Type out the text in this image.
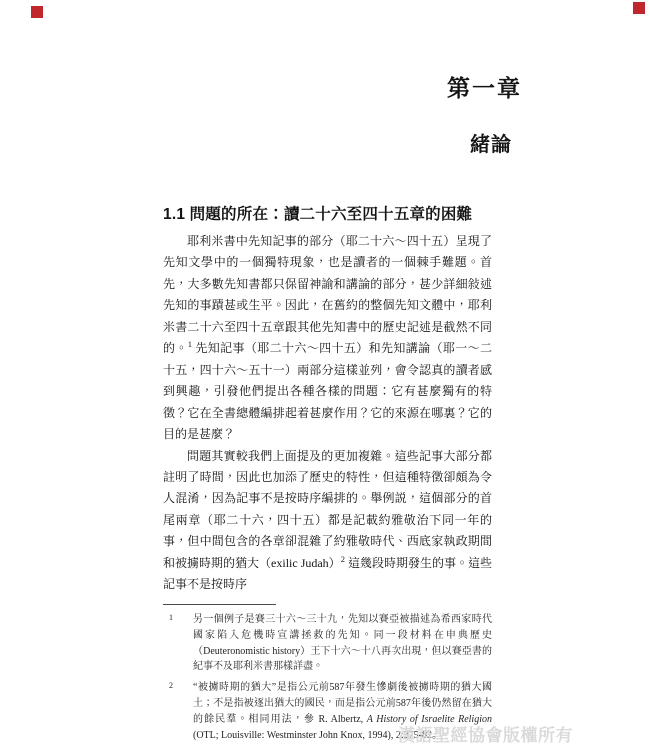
第一章
緒論
1.1 問題的所在：讀二十六至四十五章的困難

耶利米書中先知記事的部分（耶二十六～四十五）呈現了先知文學中的一個獨特現象，也是讀者的一個棘手難題。首先，大多數先知書都只保留神諭和講論的部分，甚少詳細敍述先知的事蹟甚或生平。因此，在舊約的整個先知文體中，耶利米書二十六至四十五章跟其他先知書中的歷史記述是截然不同的。$^1$ 先知記事（耶二十六～四十五）和先知講論（耶一～二十五，四十六～五十一）兩部分這樣並列，會令認真的讀者感到興趣，引發他們提出各種各樣的問題：它有甚麼獨有的特徵？它在全書總體編排起着甚麼作用？它的來源在哪裏？它的目的是甚麼？

問題其實較我們上面提及的更加複雜。這些記事大部分都註明了時間，因此也加添了歷史的特性，但這種特徵卻頗為令人混淆，因為記事不是按時序編排的。舉例説，這個部分的首尾兩章（耶二十六，四十五）都是記載約雅敬治下同一年的事，但中間包含的各章卻混雜了約雅敬時代、西底家執政期間和被擄時期的猶大（exilic Judah）$^2$ 這幾段時期發生的事。這些記事不是按時序

1	另一個例子是賽三十六～三十九，先知以賽亞被描述為希西家時代國家陷入危機時宣講拯救的先知。同一段材料在申典歷史（Deuteronomistic history）王下十六～十八再次出現，但以賽亞書的紀事不及耶利米書那樣詳盡。
2	“被擄時期的猶大”是指公元前587年發生慘劇後被擄時期的猶大國土；不是指被逐出猶大的國民，而是指公元前587年後仍然留在猶大的餘民羣。相同用法，參 R. Albertz, A History of Israelite Religion (OTL; Louisville: Westminster John Knox, 1994), 2:375-82。
漢語聖經協會版權所有
